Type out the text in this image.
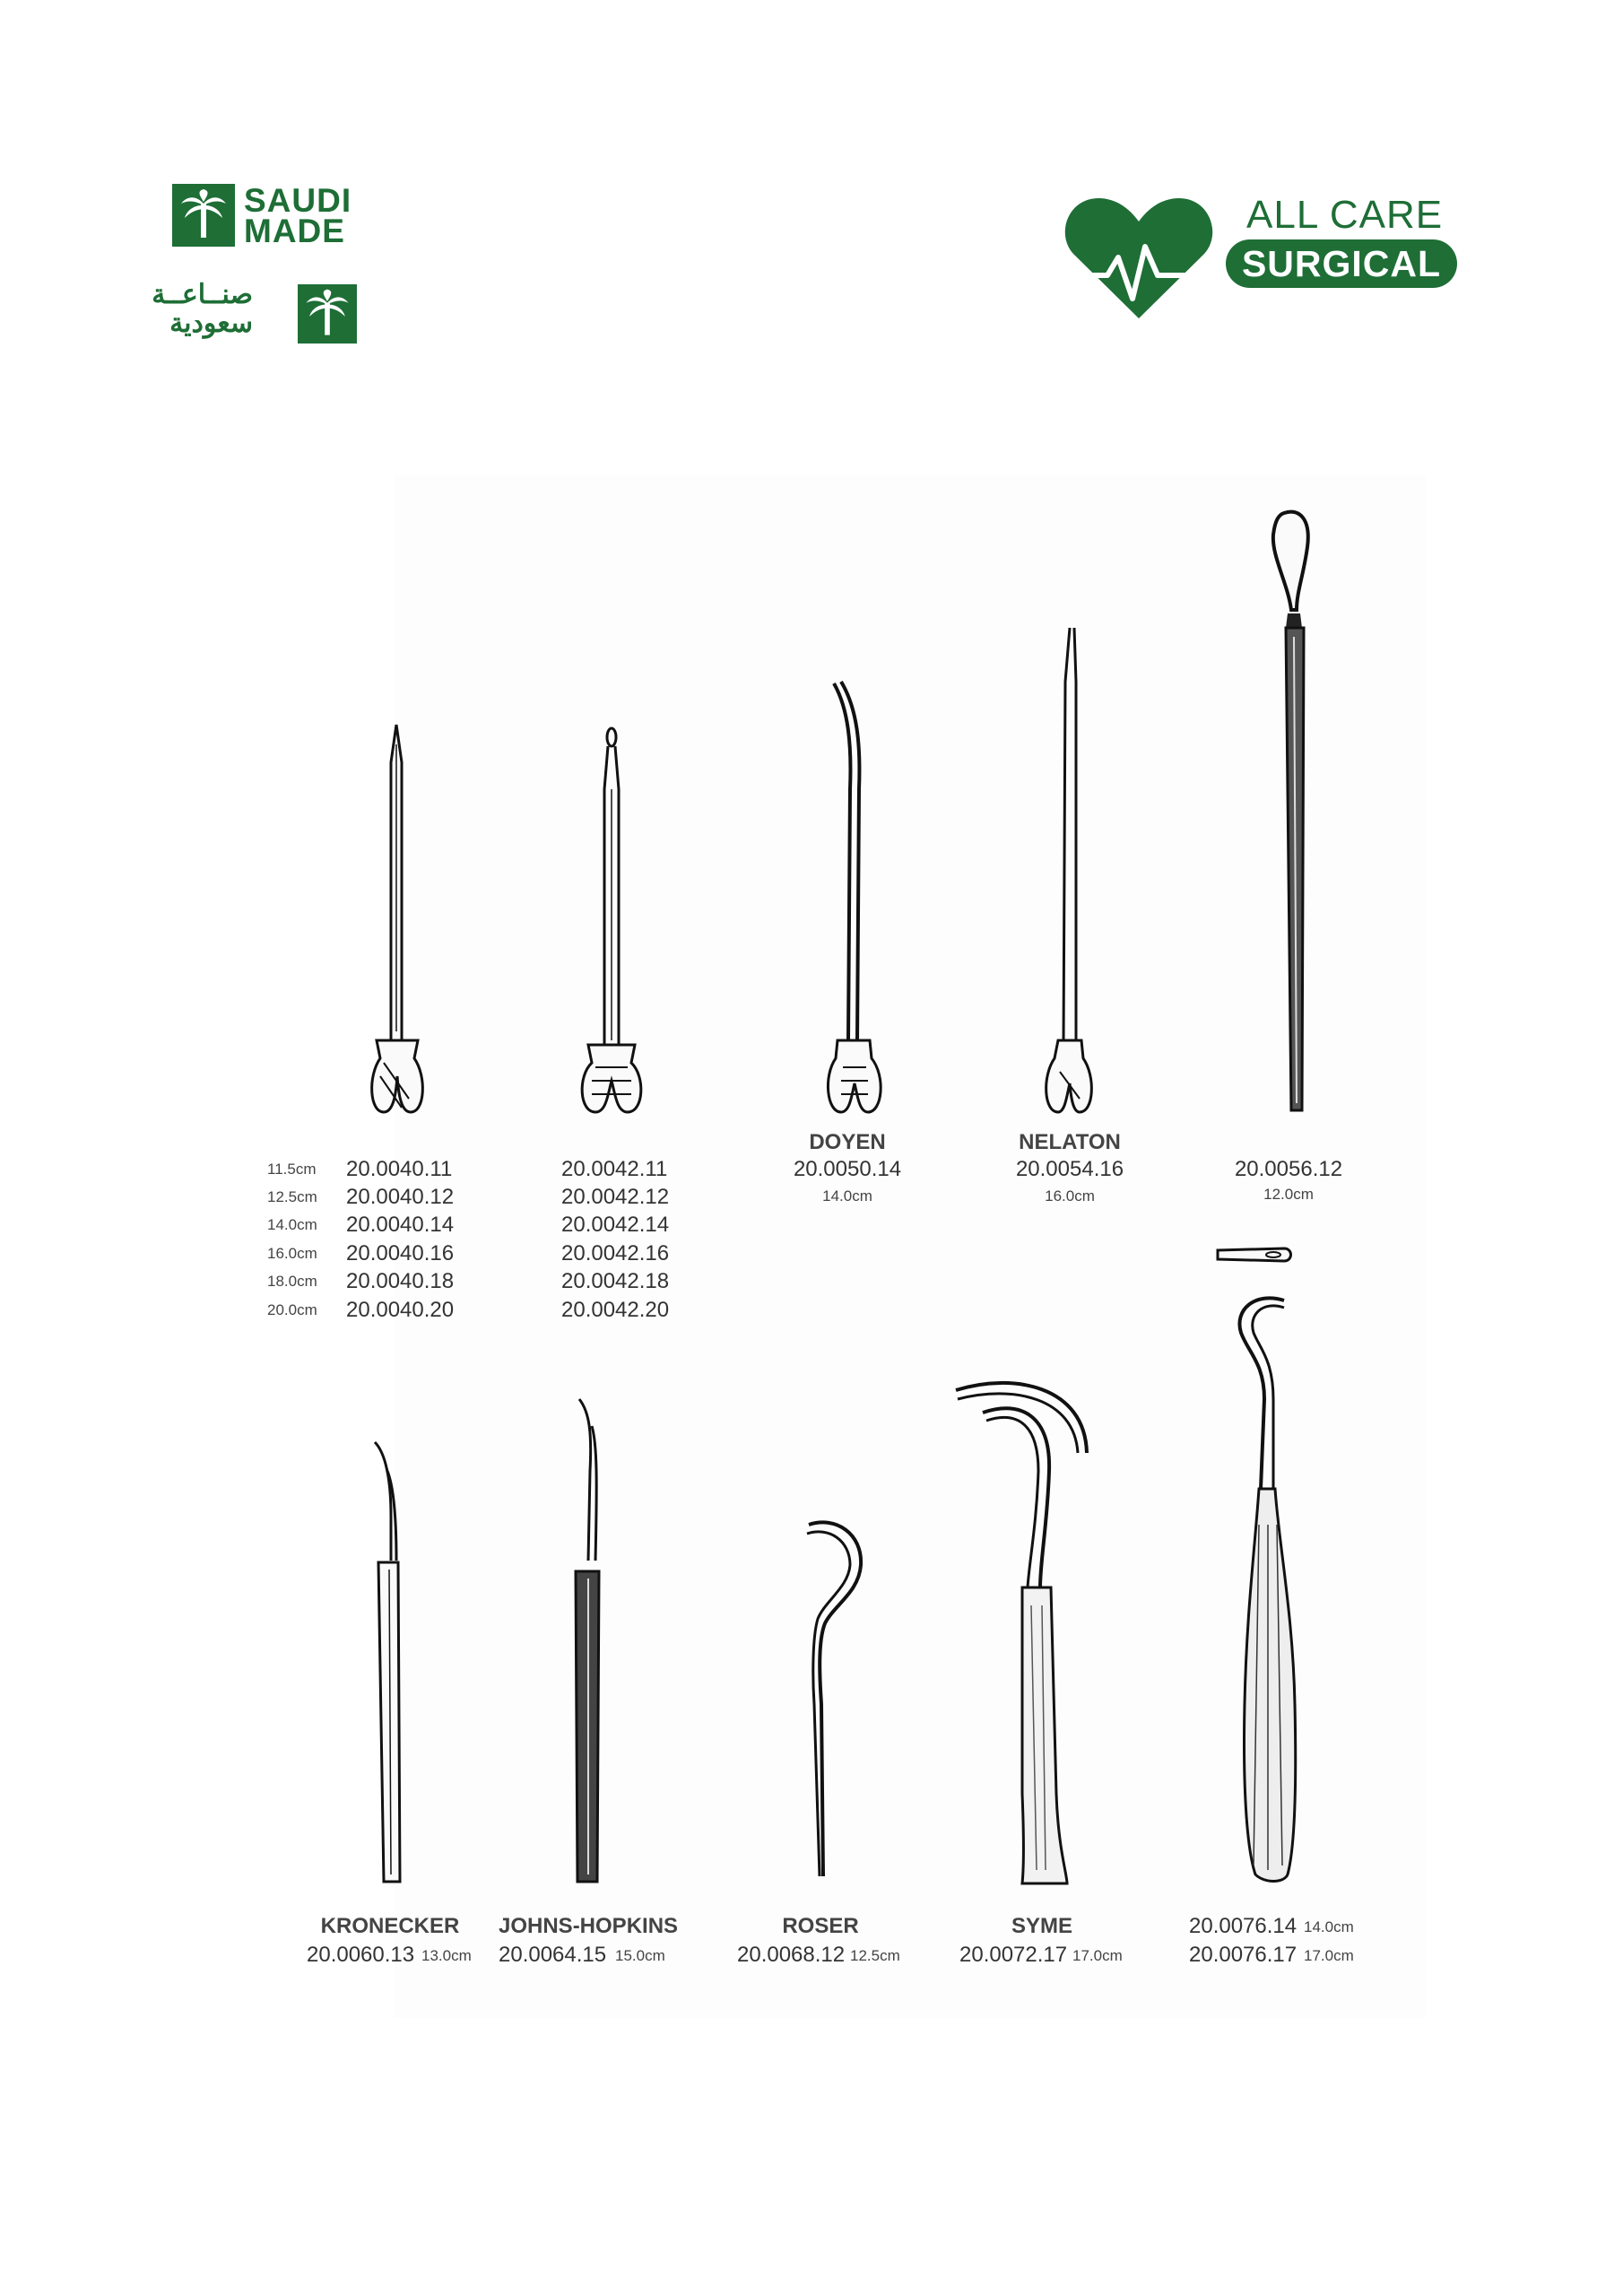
SAUDI
MADE
صنــاعــة
سعودية
ALL CARE
SURGICAL
11.5cm
12.5cm
14.0cm
16.0cm
18.0cm
20.0cm
20.0040.11
20.0040.12
20.0040.14
20.0040.16
20.0040.18
20.0040.20
20.0042.11
20.0042.12
20.0042.14
20.0042.16
20.0042.18
20.0042.20
DOYEN
20.0050.14
14.0cm
NELATON
20.0054.16
16.0cm
20.0056.12
12.0cm
KRONECKER
20.0060.13 13.0cm
JOHNS-HOPKINS
20.0064.15 15.0cm
ROSER
20.0068.12 12.5cm
SYME
20.0072.17 17.0cm
20.0076.14 14.0cm
20.0076.17 17.0cm
